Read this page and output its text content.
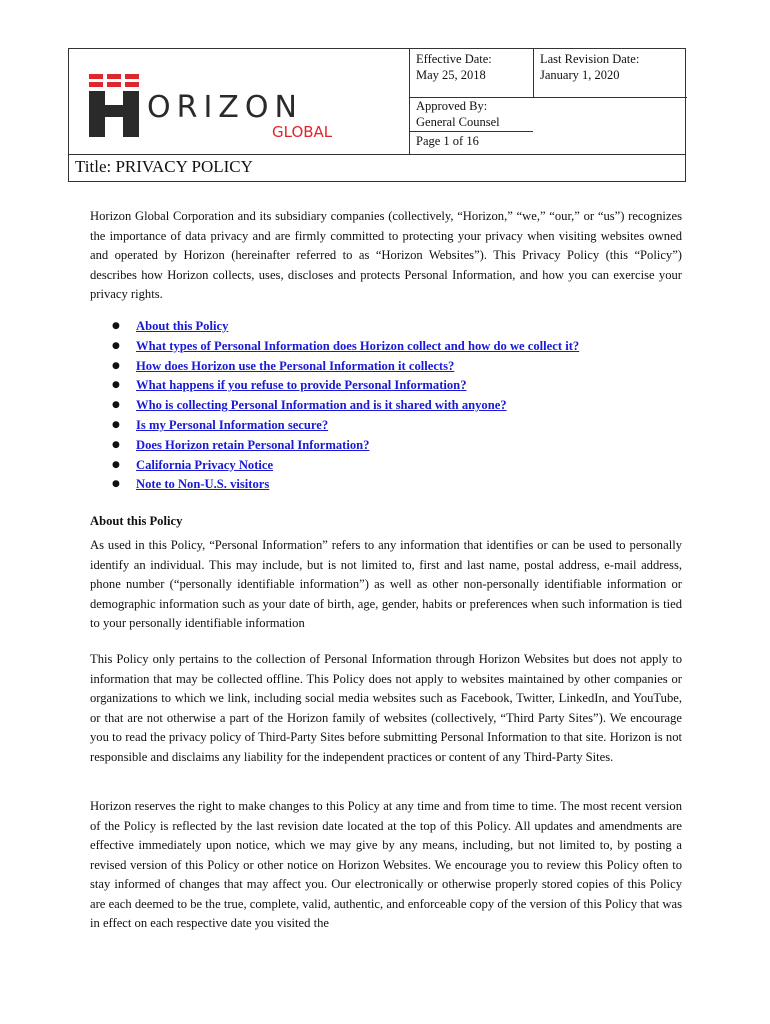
ORIZON
GLOBAL
Effective Date:
May 25, 2018
Last Revision Date:
January 1, 2020
Approved By:
General Counsel
Page 1 of 16
Title: PRIVACY POLICY

Horizon Global Corporation and its subsidiary companies (collectively, “Horizon,” “we,” “our,” or “us”) recognizes the importance of data privacy and are firmly committed to protecting your privacy when visiting websites owned and operated by Horizon (hereinafter referred to as “Horizon Websites”). This Privacy Policy (this “Policy”) describes how Horizon collects, uses, discloses and protects Personal Information, and how you can exercise your privacy rights.

● About this Policy
● What types of Personal Information does Horizon collect and how do we collect it?
● How does Horizon use the Personal Information it collects?
● What happens if you refuse to provide Personal Information?
● Who is collecting Personal Information and is it shared with anyone?
● Is my Personal Information secure?
● Does Horizon retain Personal Information?
● California Privacy Notice
● Note to Non-U.S. visitors
About this Policy

As used in this Policy, “Personal Information” refers to any information that identifies or can be used to personally identify an individual. This may include, but is not limited to, first and last name, postal address, e-mail address, phone number (“personally identifiable information”) as well as other non-personally identifiable information or demographic information such as your date of birth, age, gender, habits or preferences when such information is tied to your personally identifiable information

This Policy only pertains to the collection of Personal Information through Horizon Websites but does not apply to information that may be collected offline. This Policy does not apply to websites maintained by other companies or organizations to which we link, including social media websites such as Facebook, Twitter, LinkedIn, and YouTube, or that are not otherwise a part of the Horizon family of websites (collectively, “Third Party Sites”). We encourage you to read the privacy policy of Third-Party Sites before submitting Personal Information to that site. Horizon is not responsible and disclaims any liability for the independent practices or content of any Third-Party Sites.

Horizon reserves the right to make changes to this Policy at any time and from time to time. The most recent version of the Policy is reflected by the last revision date located at the top of this Policy. All updates and amendments are effective immediately upon notice, which we may give by any means, including, but not limited to, by posting a revised version of this Policy or other notice on Horizon Websites. We encourage you to review this Policy often to stay informed of changes that may affect you. Our electronically or otherwise properly stored copies of this Policy are each deemed to be the true, complete, valid, authentic, and enforceable copy of the version of this Policy that was in effect on each respective date you visited the
